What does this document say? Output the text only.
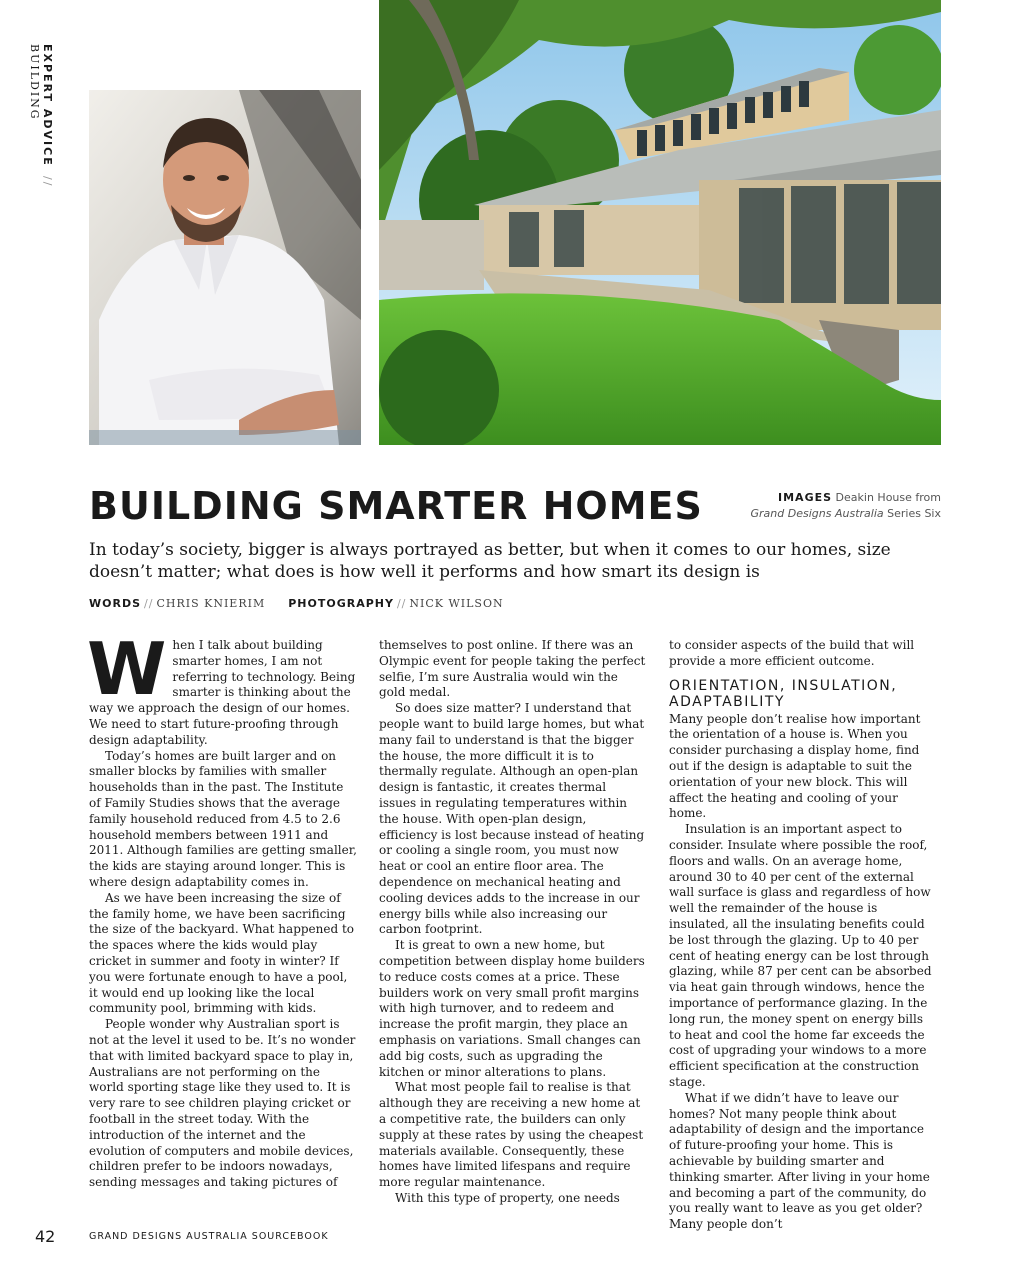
EXPERT ADVICE // BUILDING
BUILDING SMARTER HOMES	IMAGES Deakin House from
Grand Designs Australia Series Six

In today’s society, bigger is always portrayed as better, but when it comes to our homes, size doesn’t matter; what does is how well it performs and how smart its design is

WORDS // CHRIS KNIERIM PHOTOGRAPHY // NICK WILSON

When I talk about building smarter homes, I am not referring to technology. Being smarter is thinking about the way we approach the design of our homes. We need to start future-proofing through design adaptability.

Today’s homes are built larger and on smaller blocks by families with smaller households than in the past. The Institute of Family Studies shows that the average family household reduced from 4.5 to 2.6 household members between 1911 and 2011. Although families are getting smaller, the kids are staying around longer. This is where design adaptability comes in.

As we have been increasing the size of the family home, we have been sacrificing the size of the backyard. What happened to the spaces where the kids would play cricket in summer and footy in winter? If you were fortunate enough to have a pool, it would end up looking like the local community pool, brimming with kids.

People wonder why Australian sport is not at the level it used to be. It’s no wonder that with limited backyard space to play in, Australians are not performing on the world sporting stage like they used to. It is very rare to see children playing cricket or football in the street today. With the introduction of the internet and the evolution of computers and mobile devices, children prefer to be indoors nowadays, sending messages and taking pictures of

themselves to post online. If there was an Olympic event for people taking the perfect selfie, I’m sure Australia would win the gold medal.

So does size matter? I understand that people want to build large homes, but what many fail to understand is that the bigger the house, the more difficult it is to thermally regulate. Although an open-plan design is fantastic, it creates thermal issues in regulating temperatures within the house. With open-plan design, efficiency is lost because instead of heating or cooling a single room, you must now heat or cool an entire floor area. The dependence on mechanical heating and cooling devices adds to the increase in our energy bills while also increasing our carbon footprint.

It is great to own a new home, but competition between display home builders to reduce costs comes at a price. These builders work on very small profit margins with high turnover, and to redeem and increase the profit margin, they place an emphasis on variations. Small changes can add big costs, such as upgrading the kitchen or minor alterations to plans.

What most people fail to realise is that although they are receiving a new home at a competitive rate, the builders can only supply at these rates by using the cheapest materials available. Consequently, these homes have limited lifespans and require more regular maintenance.

With this type of property, one needs

to consider aspects of the build that will provide a more efficient outcome.

ORIENTATION, INSULATION, ADAPTABILITY

Many people don’t realise how important the orientation of a house is. When you consider purchasing a display home, find out if the design is adaptable to suit the orientation of your new block. This will affect the heating and cooling of your home.

Insulation is an important aspect to consider. Insulate where possible the roof, floors and walls. On an average home, around 30 to 40 per cent of the external wall surface is glass and regardless of how well the remainder of the house is insulated, all the insulating benefits could be lost through the glazing. Up to 40 per cent of heating energy can be lost through glazing, while 87 per cent can be absorbed via heat gain through windows, hence the importance of performance glazing. In the long run, the money spent on energy bills to heat and cool the home far exceeds the cost of upgrading your windows to a more efficient specification at the construction stage.

What if we didn’t have to leave our homes? Not many people think about adaptability of design and the importance of future-proofing your home. This is achievable by building smarter and thinking smarter. After living in your home and becoming a part of the community, do you really want to leave as you get older? Many people don’t

42	GRAND DESIGNS AUSTRALIA SOURCEBOOK
